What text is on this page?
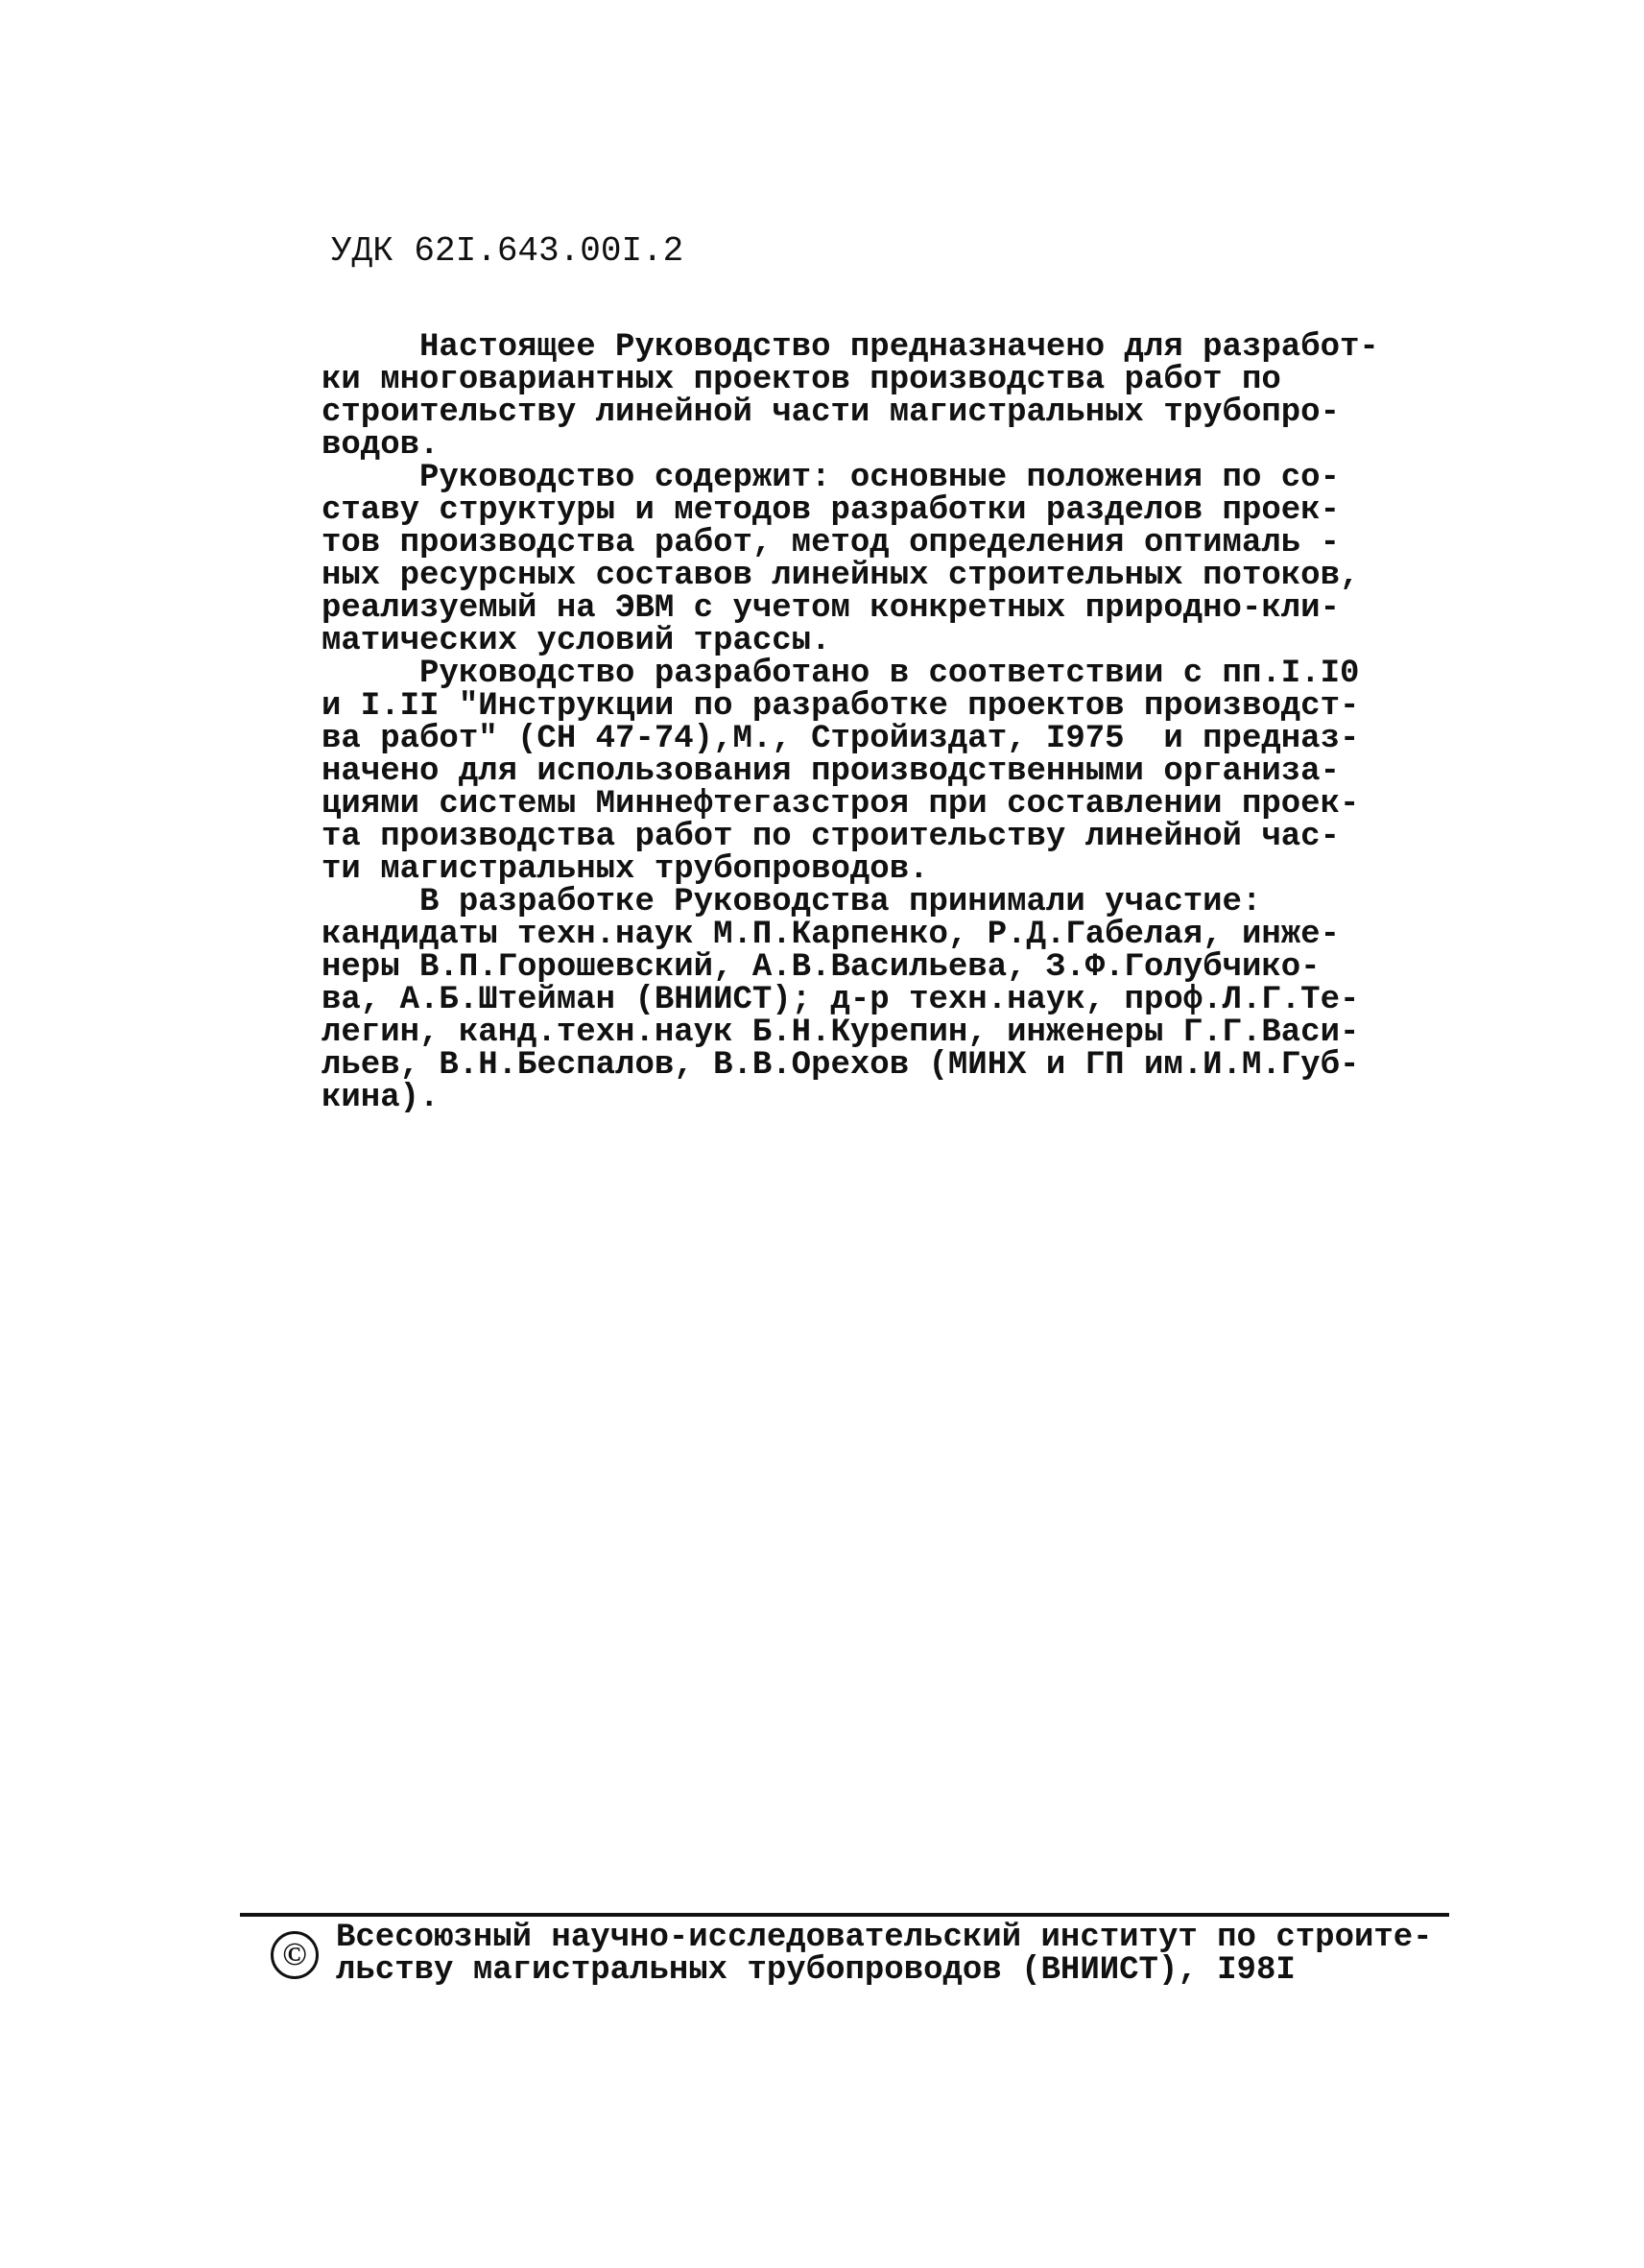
УДК 62I.643.00I.2
Настоящее Руководство предназначено для разработ-
ки многовариантных проектов производства работ по
строительству линейной части магистральных трубопро-
водов.
Руководство содержит: основные положения по со-
ставу структуры и методов разработки разделов проек-
тов производства работ, метод определения оптималь -
ных ресурсных составов линейных строительных потоков,
реализуемый на ЭВМ с учетом конкретных природно-кли-
матических условий трассы.
Руководство разработано в соответствии с пп.I.I0
и I.II "Инструкции по разработке проектов производст-
ва работ" (СН 47-74),М., Стройиздат, I975  и предназ-
начено для использования производственными организа-
циями системы Миннефтегазстроя при составлении проек-
та производства работ по строительству линейной час-
ти магистральных трубопроводов.
В разработке Руководства принимали участие:
кандидаты техн.наук М.П.Карпенко, Р.Д.Габелая, инже-
неры В.П.Горошевский, А.В.Васильева, З.Ф.Голубчико-
ва, А.Б.Штейман (ВНИИСТ); д-р техн.наук, проф.Л.Г.Те-
легин, канд.техн.наук Б.Н.Курепин, инженеры Г.Г.Васи-
льев, В.Н.Беспалов, В.В.Орехов (МИНХ и ГП им.И.М.Губ-
кина).
© Всесоюзный научно-исследовательский институт по строите-
льству магистральных трубопроводов (ВНИИСТ), I98I
